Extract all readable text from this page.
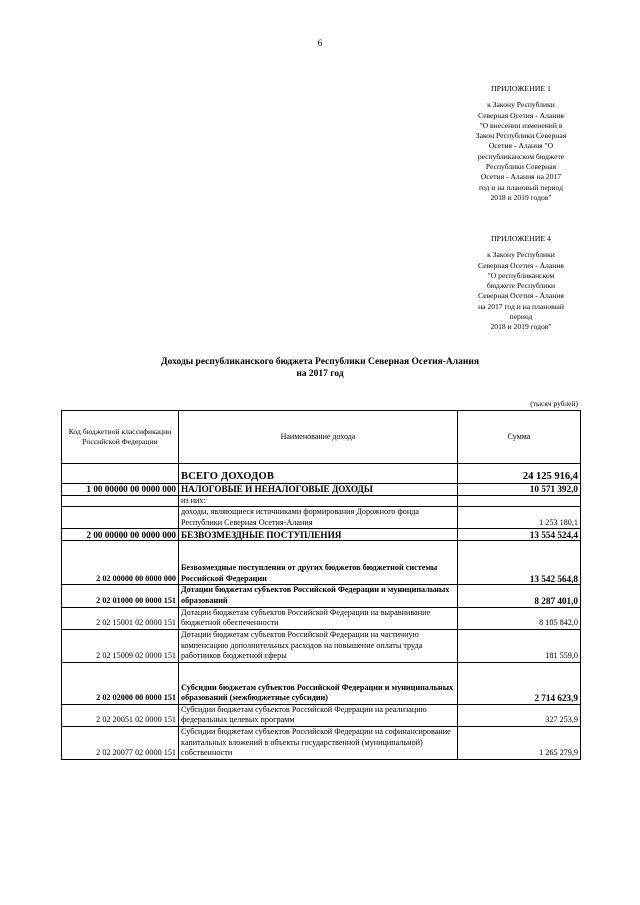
6
ПРИЛОЖЕНИЕ 1
к Закону Республики
Северная Осетия - Алания
"О внесении изменений в
Закон Республики Северная
Осетия - Алания "О
республиканском бюджете
Республики Северная
Осетия - Алания на 2017
год и на плановый период
2018 и 2019 годов"
ПРИЛОЖЕНИЕ 4
к Закону Республики
Северная Осетия - Алания
"О республиканском
бюджете Республики
Северная Осетия - Алания
на 2017 год и на плановый
период
2018 и 2019 годов"
Доходы республиканского бюджета Республики Северная Осетия-Алания
на 2017 год
(тысяч рублей)
Код бюджетной классификации Российской Федерации	Наименование дохода	Сумма
	ВСЕГО ДОХОДОВ	24 125 916,4
1 00 00000 00 0000 000	НАЛОГОВЫЕ И НЕНАЛОГОВЫЕ ДОХОДЫ	10 571 392,0
	из них:	
	доходы, являющиеся источниками формирования Дорожного фонда Республики Северная Осетия-Алания	1 253 180,1
2 00 00000 00 0000 000	БЕЗВОЗМЕЗДНЫЕ ПОСТУПЛЕНИЯ	13 554 524,4
2 02 00000 00 0000 000	Безвозмездные поступления от других бюджетов бюджетной системы Российской Федерации	13 542 564,8
2 02 01000 00 0000 151	Дотации бюджетам субъектов Российской Федерации и муниципальных образований	8 287 401,0
2 02 15001 02 0000 151	Дотации бюджетам субъектов Российской Федерации на выравнивание бюджетной обеспеченности	8 105 842,0
2 02 15009 02 0000 151	Дотации бюджетам субъектов Российской Федерации на частичную компенсацию дополнительных расходов на повышение оплаты труда работников бюджетной сферы	181 559,0
2 02 02000 00 0000 151	Субсидии бюджетам субъектов Российской Федерации и муниципальных образований (межбюджетные субсидии)	2 714 623,9
2 02 20051 02 0000 151	Субсидии бюджетам субъектов Российской Федерации на реализацию федеральных целевых программ	327 253,9
2 02 20077 02 0000 151	Субсидии бюджетам субъектов Российской Федерации на софинансирование капитальных вложений в объекты государственной (муниципальной) собственности	1 265 279,9
